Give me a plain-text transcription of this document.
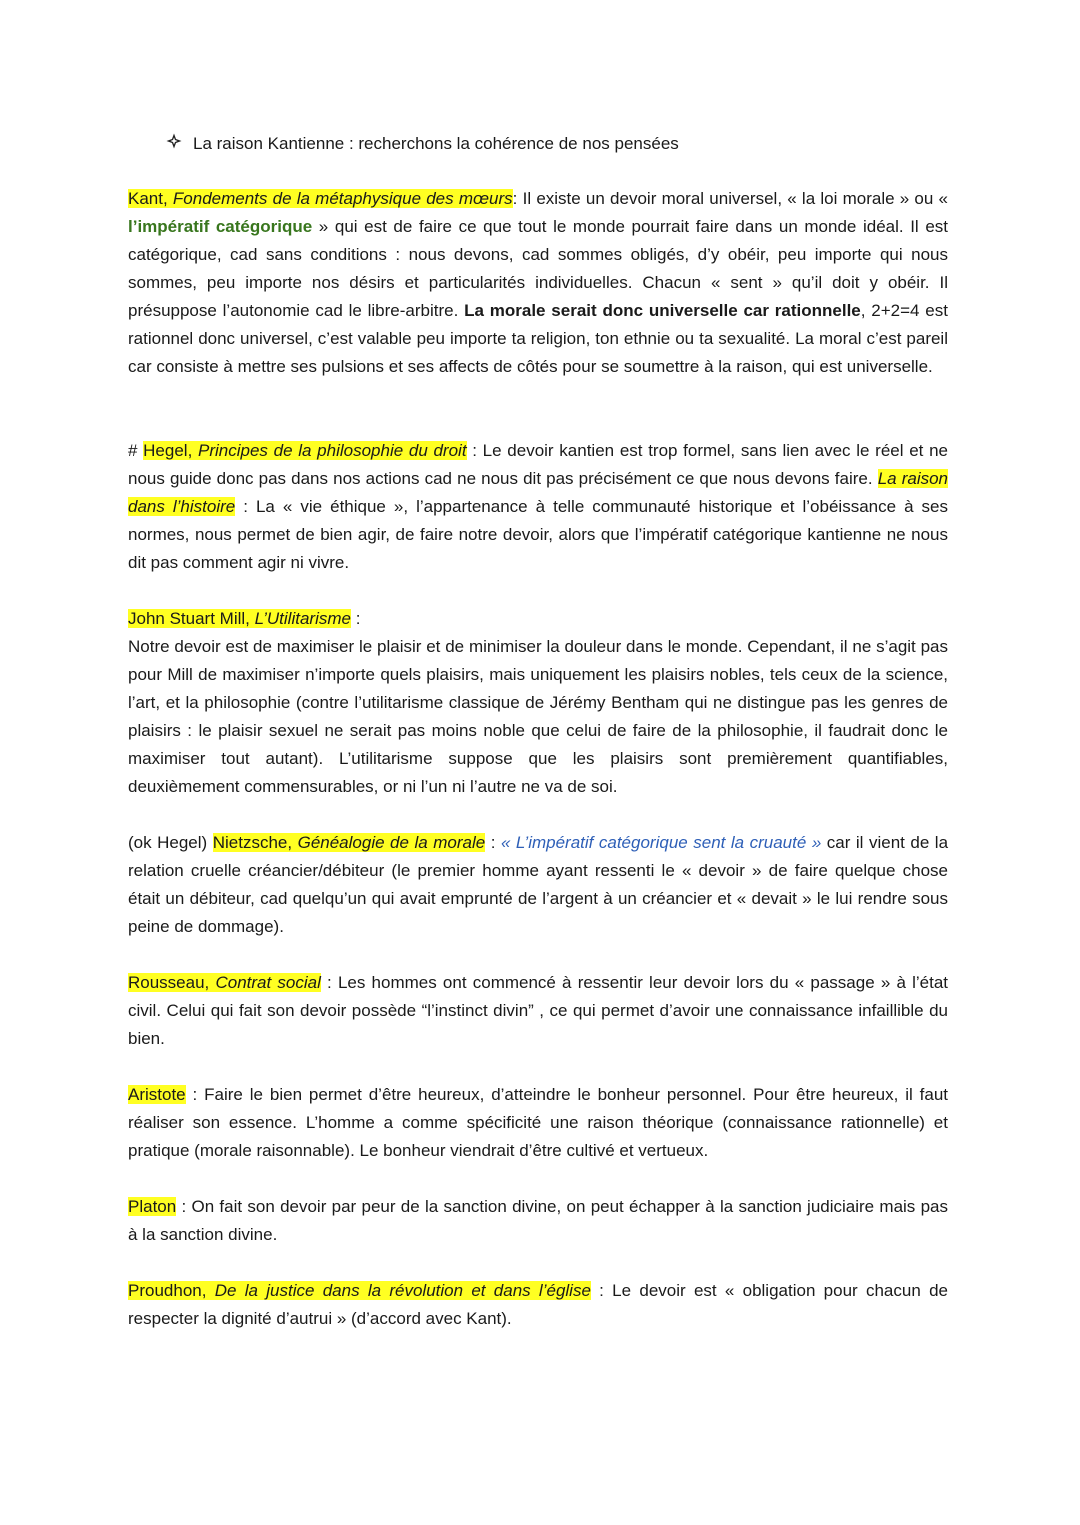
La raison Kantienne : recherchons la cohérence de nos pensées

Kant, Fondements de la métaphysique des mœurs: Il existe un devoir moral universel, « la loi morale » ou « l’impératif catégorique » qui est de faire ce que tout le monde pourrait faire dans un monde idéal. Il est catégorique, cad sans conditions : nous devons, cad sommes obligés, d’y obéir, peu importe qui nous sommes, peu importe nos désirs et particularités individuelles. Chacun « sent » qu’il doit y obéir. Il présuppose l’autonomie cad le libre-arbitre. La morale serait donc universelle car rationnelle, 2+2=4 est rationnel donc universel, c’est valable peu importe ta religion, ton ethnie ou ta sexualité. La moral c’est pareil car consiste à mettre ses pulsions et ses affects de côtés pour se soumettre à la raison, qui est universelle.

# Hegel, Principes de la philosophie du droit : Le devoir kantien est trop formel, sans lien avec le réel et ne nous guide donc pas dans nos actions cad ne nous dit pas précisément ce que nous devons faire. La raison dans l’histoire : La « vie éthique », l’appartenance à telle communauté historique et l’obéissance à ses normes, nous permet de bien agir, de faire notre devoir, alors que l’impératif catégorique kantienne ne nous dit pas comment agir ni vivre.

John Stuart Mill, L’Utilitarisme :
Notre devoir est de maximiser le plaisir et de minimiser la douleur dans le monde. Cependant, il ne s’agit pas pour Mill de maximiser n’importe quels plaisirs, mais uniquement les plaisirs nobles, tels ceux de la science, l’art, et la philosophie (contre l’utilitarisme classique de Jérémy Bentham qui ne distingue pas les genres de plaisirs : le plaisir sexuel ne serait pas moins noble que celui de faire de la philosophie, il faudrait donc le maximiser tout autant). L’utilitarisme suppose que les plaisirs sont premièrement quantifiables, deuxièmement commensurables, or ni l’un ni l’autre ne va de soi.

(ok Hegel) Nietzsche, Généalogie de la morale : « L’impératif catégorique sent la cruauté » car il vient de la relation cruelle créancier/débiteur (le premier homme ayant ressenti le « devoir » de faire quelque chose était un débiteur, cad quelqu’un qui avait emprunté de l’argent à un créancier et « devait » le lui rendre sous peine de dommage).

Rousseau, Contrat social : Les hommes ont commencé à ressentir leur devoir lors du « passage » à l’état civil. Celui qui fait son devoir possède “l’instinct divin” , ce qui permet d’avoir une connaissance infaillible du bien.

Aristote : Faire le bien permet d’être heureux, d’atteindre le bonheur personnel. Pour être heureux, il faut réaliser son essence. L’homme a comme spécificité une raison théorique (connaissance rationnelle) et pratique (morale raisonnable). Le bonheur viendrait d’être cultivé et vertueux.

Platon : On fait son devoir par peur de la sanction divine, on peut échapper à la sanction judiciaire mais pas à la sanction divine.

Proudhon, De la justice dans la révolution et dans l’église : Le devoir est « obligation pour chacun de respecter la dignité d’autrui » (d’accord avec Kant).
